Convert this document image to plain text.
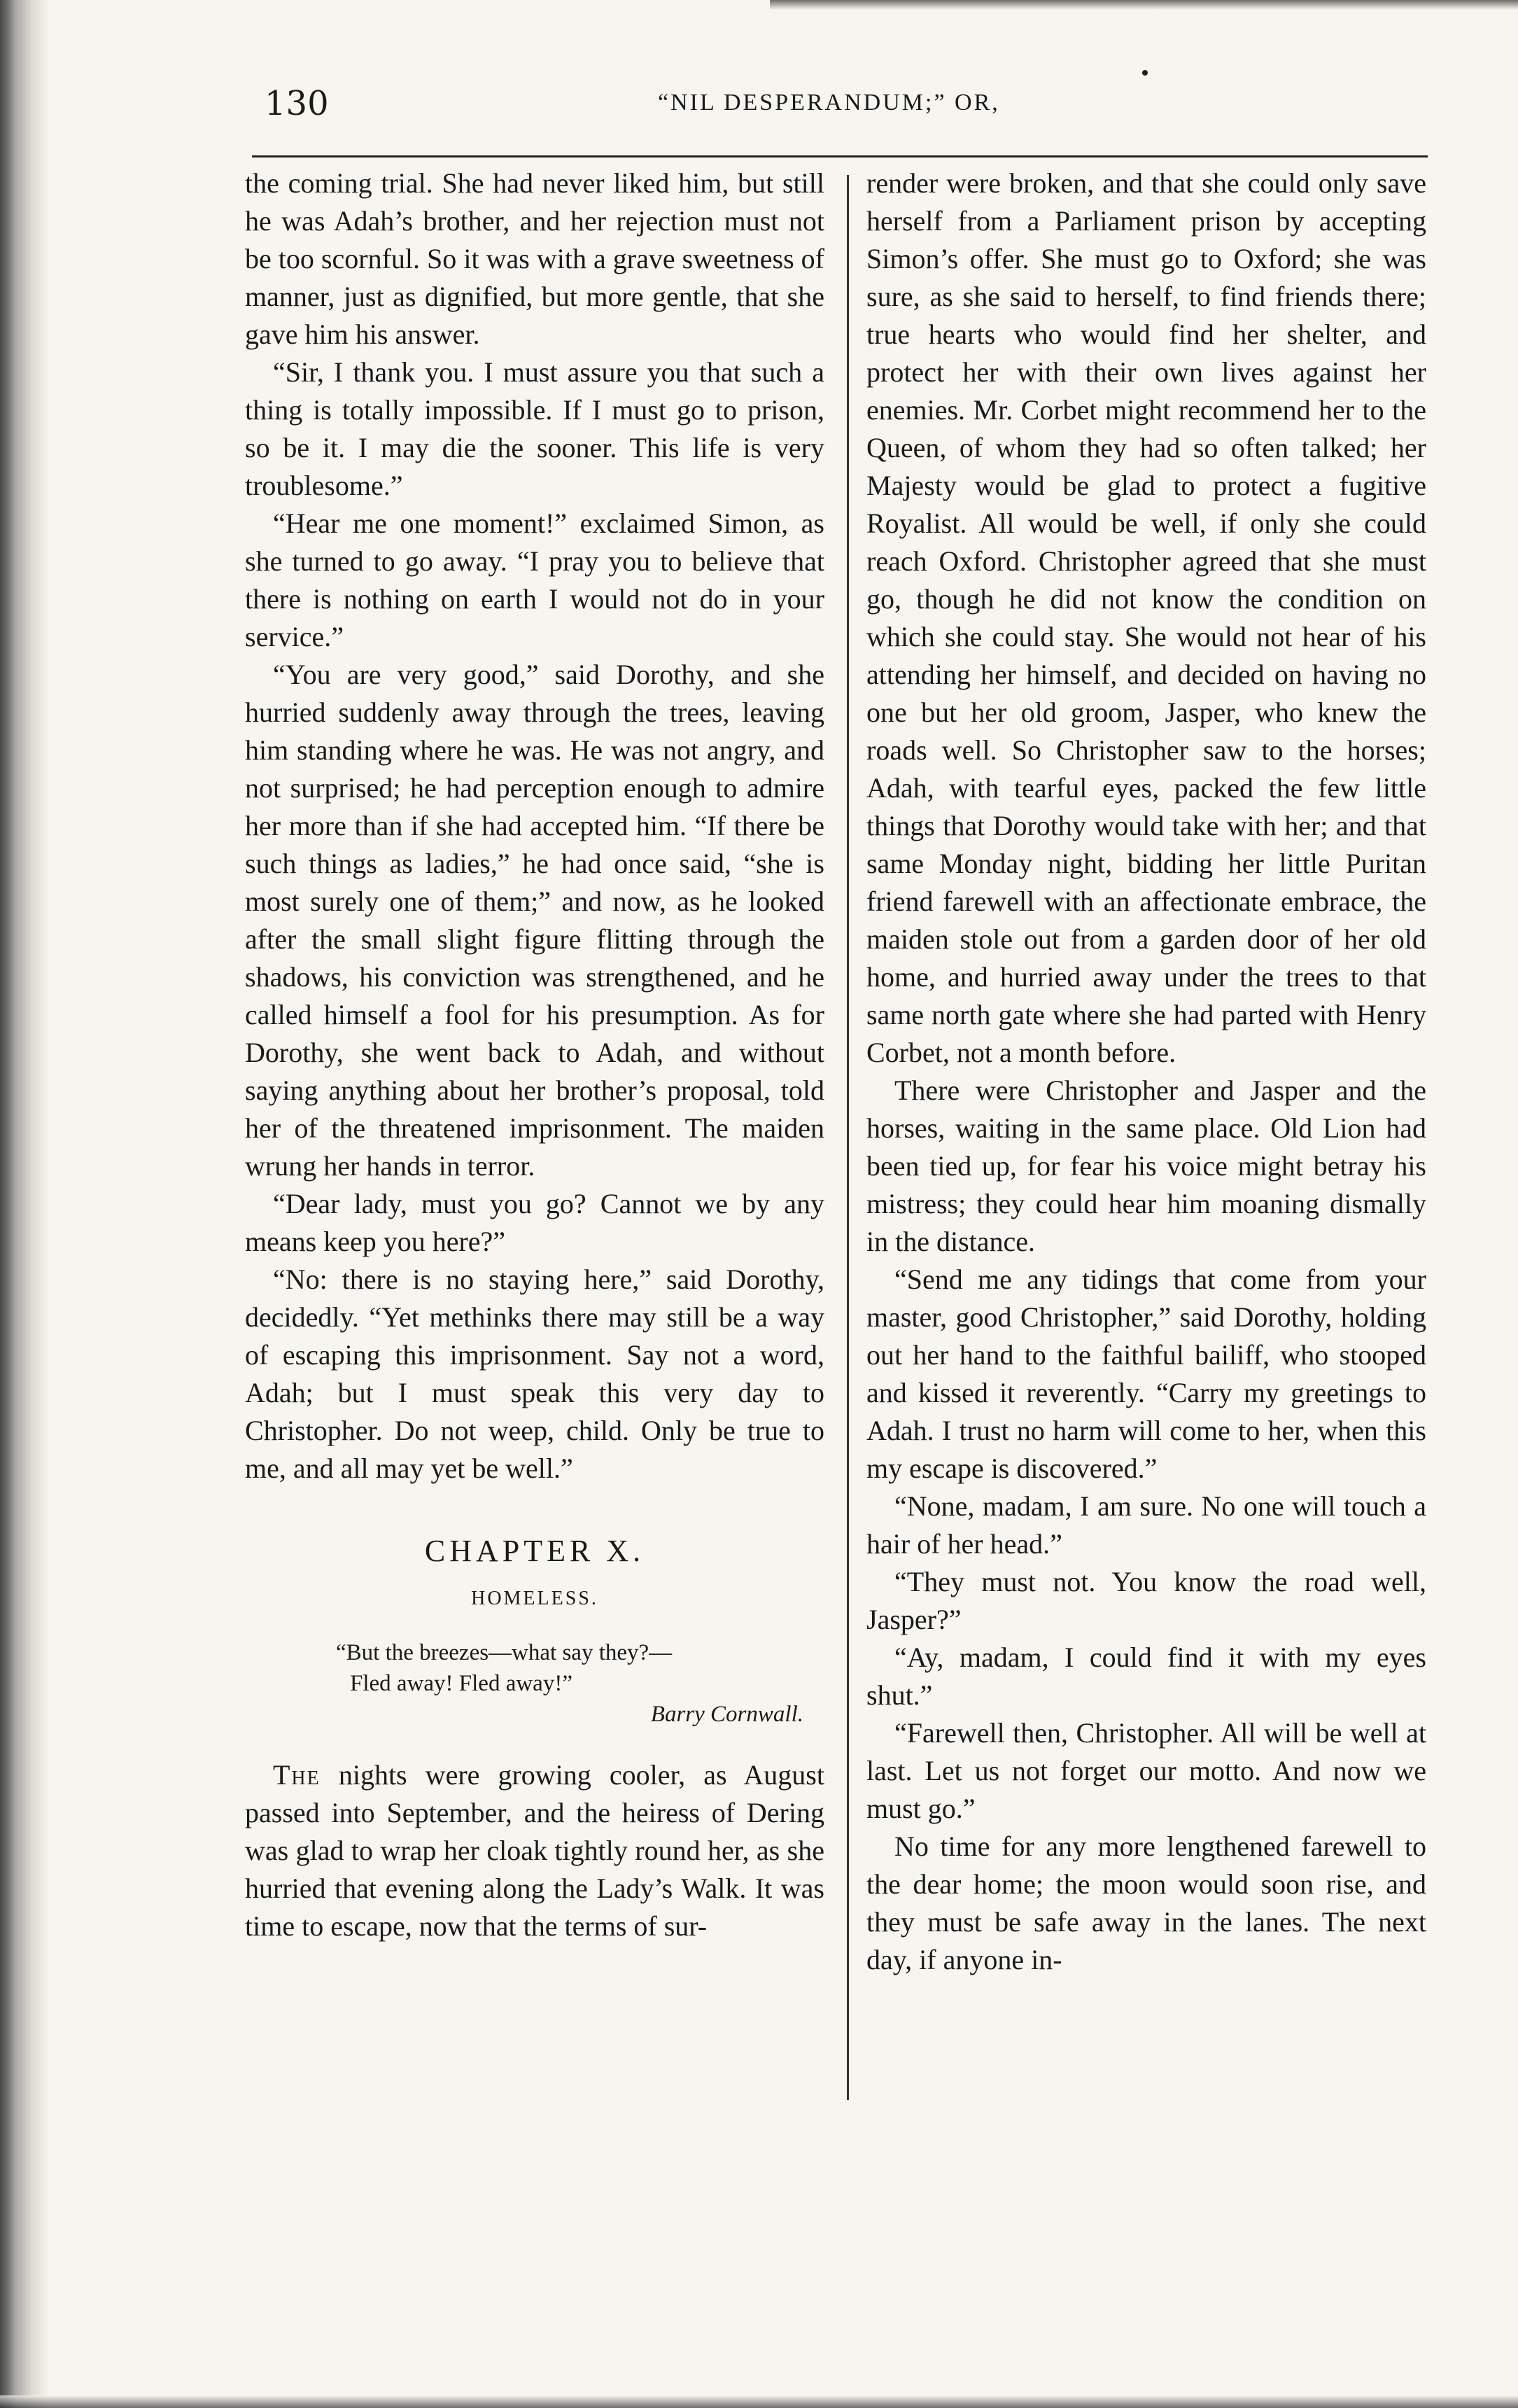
130	“NIL DESPERANDUM;” OR,

the coming trial. She had never liked him, but still he was Adah’s brother, and her rejection must not be too scornful. So it was with a grave sweetness of manner, just as dignified, but more gentle, that she gave him his answer.

“Sir, I thank you. I must assure you that such a thing is totally impossible. If I must go to prison, so be it. I may die the sooner. This life is very troublesome.”

“Hear me one moment!” exclaimed Simon, as she turned to go away. “I pray you to believe that there is nothing on earth I would not do in your service.”

“You are very good,” said Dorothy, and she hurried suddenly away through the trees, leaving him standing where he was. He was not angry, and not surprised; he had perception enough to admire her more than if she had accepted him. “If there be such things as ladies,” he had once said, “she is most surely one of them;” and now, as he looked after the small slight figure flitting through the shadows, his conviction was strengthened, and he called himself a fool for his presumption. As for Dorothy, she went back to Adah, and without saying anything about her brother’s proposal, told her of the threatened imprisonment. The maiden wrung her hands in terror.

“Dear lady, must you go? Cannot we by any means keep you here?”

“No: there is no staying here,” said Dorothy, decidedly. “Yet methinks there may still be a way of escaping this imprisonment. Say not a word, Adah; but I must speak this very day to Christopher. Do not weep, child. Only be true to me, and all may yet be well.”

CHAPTER X.
HOMELESS.
“But the breezes—what say they?—
Fled away! Fled away!”
Barry Cornwall.

The nights were growing cooler, as August passed into September, and the heiress of Dering was glad to wrap her cloak tightly round her, as she hurried that evening along the Lady’s Walk. It was time to escape, now that the terms of sur-

render were broken, and that she could only save herself from a Parliament prison by accepting Simon’s offer. She must go to Oxford; she was sure, as she said to herself, to find friends there; true hearts who would find her shelter, and protect her with their own lives against her enemies. Mr. Corbet might recommend her to the Queen, of whom they had so often talked; her Majesty would be glad to protect a fugitive Royalist. All would be well, if only she could reach Oxford. Christopher agreed that she must go, though he did not know the condition on which she could stay. She would not hear of his attending her himself, and decided on having no one but her old groom, Jasper, who knew the roads well. So Christopher saw to the horses; Adah, with tearful eyes, packed the few little things that Dorothy would take with her; and that same Monday night, bidding her little Puritan friend farewell with an affectionate embrace, the maiden stole out from a garden door of her old home, and hurried away under the trees to that same north gate where she had parted with Henry Corbet, not a month before.

There were Christopher and Jasper and the horses, waiting in the same place. Old Lion had been tied up, for fear his voice might betray his mistress; they could hear him moaning dismally in the distance.

“Send me any tidings that come from your master, good Christopher,” said Dorothy, holding out her hand to the faithful bailiff, who stooped and kissed it reverently. “Carry my greetings to Adah. I trust no harm will come to her, when this my escape is discovered.”

“None, madam, I am sure. No one will touch a hair of her head.”

“They must not. You know the road well, Jasper?”

“Ay, madam, I could find it with my eyes shut.”

“Farewell then, Christopher. All will be well at last. Let us not forget our motto. And now we must go.”

No time for any more lengthened farewell to the dear home; the moon would soon rise, and they must be safe away in the lanes. The next day, if anyone in-
